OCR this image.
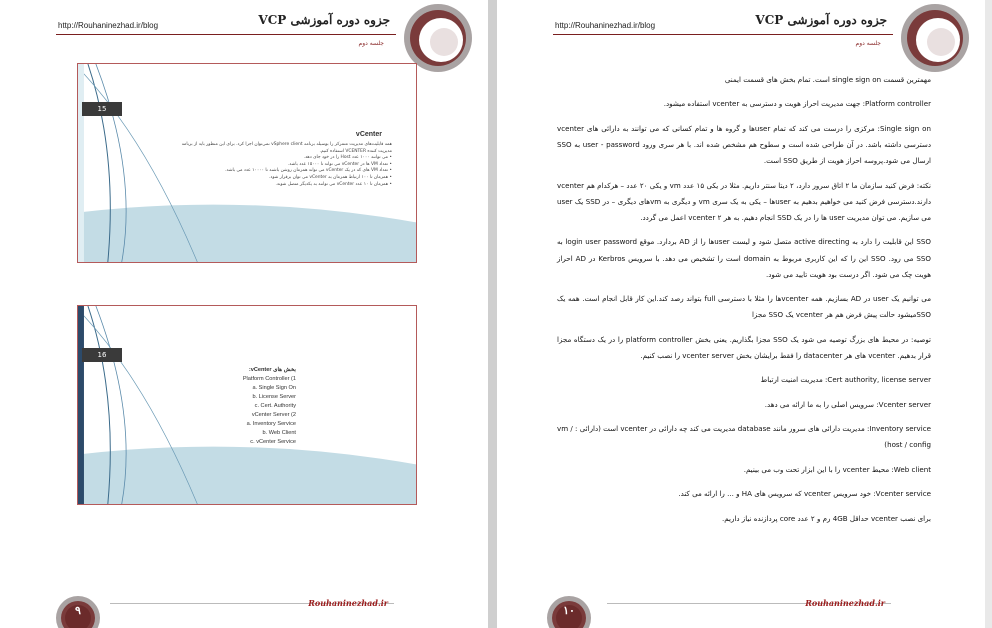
http://Rouhaninezhad.ir/blog	جزوه دوره آموزشی VCP
جلسه دوم
15
vCenter
همه قابلیت‌های مدیریت متمرکز را بوسیله برنامه vSphere client نمی‌توان اجرا کرد. برای این منظور باید از برنامه
مدیریت کننده VCENTER استفاده کنیم.
• می توانند ۱۰۰۰ عدد Host را در خود جای دهد.
• تعداد VM ها در vCenter می تواند تا ۱۵۰۰۰ عدد باشد.
• تعداد VM های که در یک vCenter می تواند همزمان روشن باشند تا ۱۰۰۰۰ عدد می باشد.
• همزمان تا ۱۰۰ ارتباط همزمان به vCenter می توان برقرار شود.
• همزمان تا ۱۰ عدد vCenter می توانند به یکدیگر متصل شوند.
16
بخش های vCenter:
1) Platform Controller
a. Single Sign On
b. License Server
c. Cert. Authority
2) vCenter Server
a. Inventory Service
b. Web Client
c. vCenter Service
۹
Rouhaninezhad.ir
http://Rouhaninezhad.ir/blog	جزوه دوره آموزشی VCP
جلسه دوم

مهمترین قسمت single sign on است. تمام بخش های قسمت ایمنی

Platform controller: جهت مدیریت احراز هویت و دسترسی به vcenter استفاده میشود.

Single sign on: مرکزی را درست می کند که تمام userها و گروه ها و تمام کسانی که می توانند به دارائی های vcenter دسترسی داشته باشد. در آن طراحی شده است و سطوح هم مشخص شده اند. با هر سری ورود user - password به SSO ارسال می شود.پروسه احراز هویت از طریق SSO است.

نکته: فرض کنید سازمان ما ۲ اتاق سرور دارد، ۲ دیتا سنتر داریم. مثلا در یکی ۱۵ عدد vm و یکی ۲۰ عدد – هرکدام هم vcenter دارند.دسترسی فرض کنید می خواهیم بدهیم به userها – یکی به یک سری vm و دیگری به vmهای دیگری – در SSD یک user می سازیم. می توان مدیریت user ها را در یک SSD انجام دهیم. به هر ۲ vcenter اعمل می گردد.

SSO این قابلیت را دارد به active directing متصل شود و لیست userها را از AD بردارد. موقع login user password به SSO می رود. SSO این را که این کاربری مربوط به domain است را تشخیص می دهد. با سرویس Kerbros در AD احراز هویت چک می شود. اگر درست بود هویت تایید می شود.

می توانیم یک user در AD بسازیم. همه vcenterها را مثلا با دسترسی full بتواند رصد کند.این کار قابل انجام است. همه یک SSOمیشود حالت پیش فرض هم هر vcenter یک SSO مجزا

توصیه: در محیط های بزرگ توصیه می شود یک SSO مجزا بگذاریم. یعنی بخش platform controller را در یک دستگاه مجزا قرار بدهیم. vcenter های هر datacenter را فقط برایشان بخش vcenter server را نصب کنیم.

Cert authority, license server: مدیریت امنیت ارتباط

Vcenter server: سرویس اصلی را به ما ارائه می دهد.

Inventory service: مدیریت دارائی های سرور مانند database مدیریت می کند چه دارائی در vcenter است (دارائی : vm / host / config)

Web client: محیط vcenter را با این ابزار تحت وب می بینیم.

Vcenter service: خود سرویس vcenter که سرویس های HA و ... را ارائه می کند.

برای نصب vcenter حداقل 4GB رم و ۲ عدد core پردازنده نیاز داریم.

۱۰
Rouhaninezhad.ir
